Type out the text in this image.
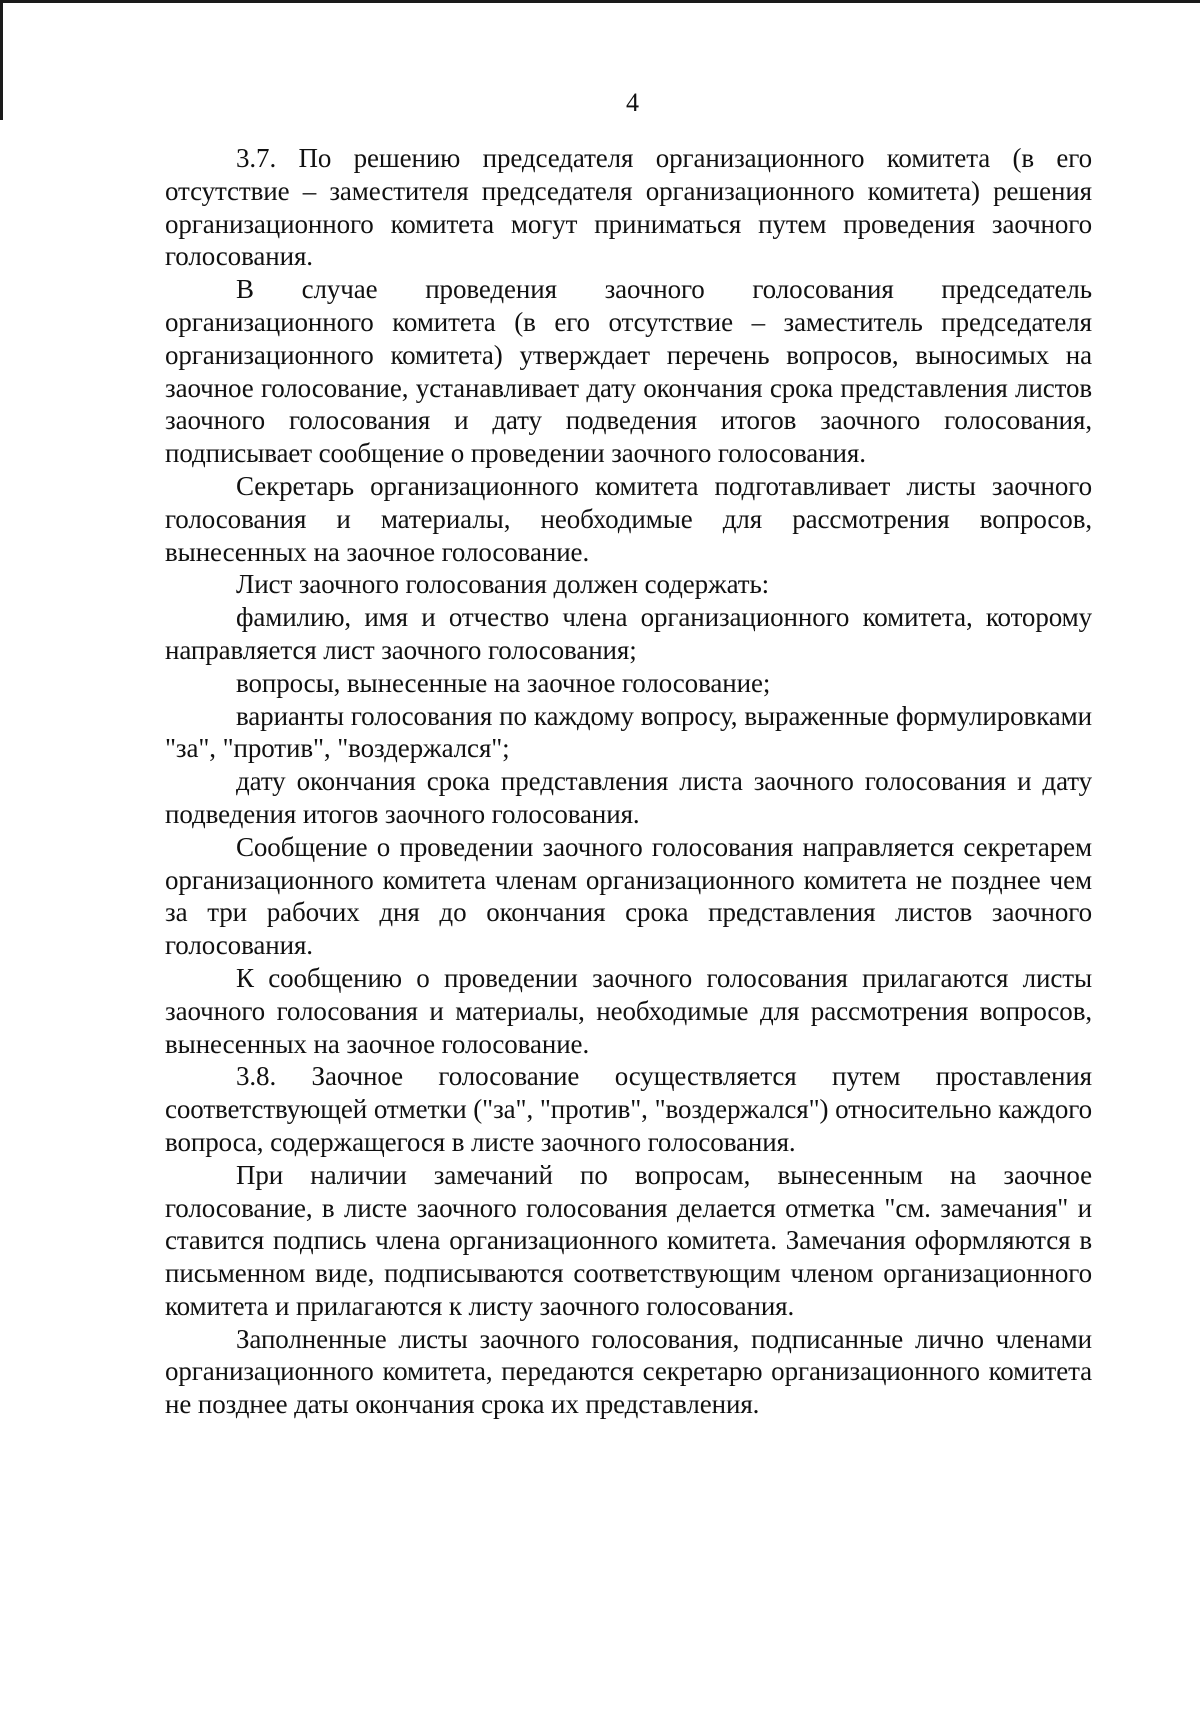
4

3.7. По решению председателя организационного комитета (в его отсутствие – заместителя председателя организационного комитета) решения организационного комитета могут приниматься путем проведения заочного голосования.

В случае проведения заочного голосования председатель организационного комитета (в его отсутствие – заместитель председателя организационного комитета) утверждает перечень вопросов, выносимых на заочное голосование, устанавливает дату окончания срока представления листов заочного голосования и дату подведения итогов заочного голосования, подписывает сообщение о проведении заочного голосования.

Секретарь организационного комитета подготавливает листы заочного голосования и материалы, необходимые для рассмотрения вопросов, вынесенных на заочное голосование.

Лист заочного голосования должен содержать:

фамилию, имя и отчество члена организационного комитета, которому направляется лист заочного голосования;

вопросы, вынесенные на заочное голосование;

варианты голосования по каждому вопросу, выраженные формулировками "за", "против", "воздержался";

дату окончания срока представления листа заочного голосования и дату подведения итогов заочного голосования.

Сообщение о проведении заочного голосования направляется секретарем организационного комитета членам организационного комитета не позднее чем за три рабочих дня до окончания срока представления листов заочного голосования.

К сообщению о проведении заочного голосования прилагаются листы заочного голосования и материалы, необходимые для рассмотрения вопросов, вынесенных на заочное голосование.

3.8. Заочное голосование осуществляется путем проставления соответствующей отметки ("за", "против", "воздержался") относительно каждого вопроса, содержащегося в листе заочного голосования.

При наличии замечаний по вопросам, вынесенным на заочное голосование, в листе заочного голосования делается отметка "см. замечания" и ставится подпись члена организационного комитета. Замечания оформляются в письменном виде, подписываются соответствующим членом организационного комитета и прилагаются к листу заочного голосования.

Заполненные листы заочного голосования, подписанные лично членами организационного комитета, передаются секретарю организационного комитета не позднее даты окончания срока их представления.
